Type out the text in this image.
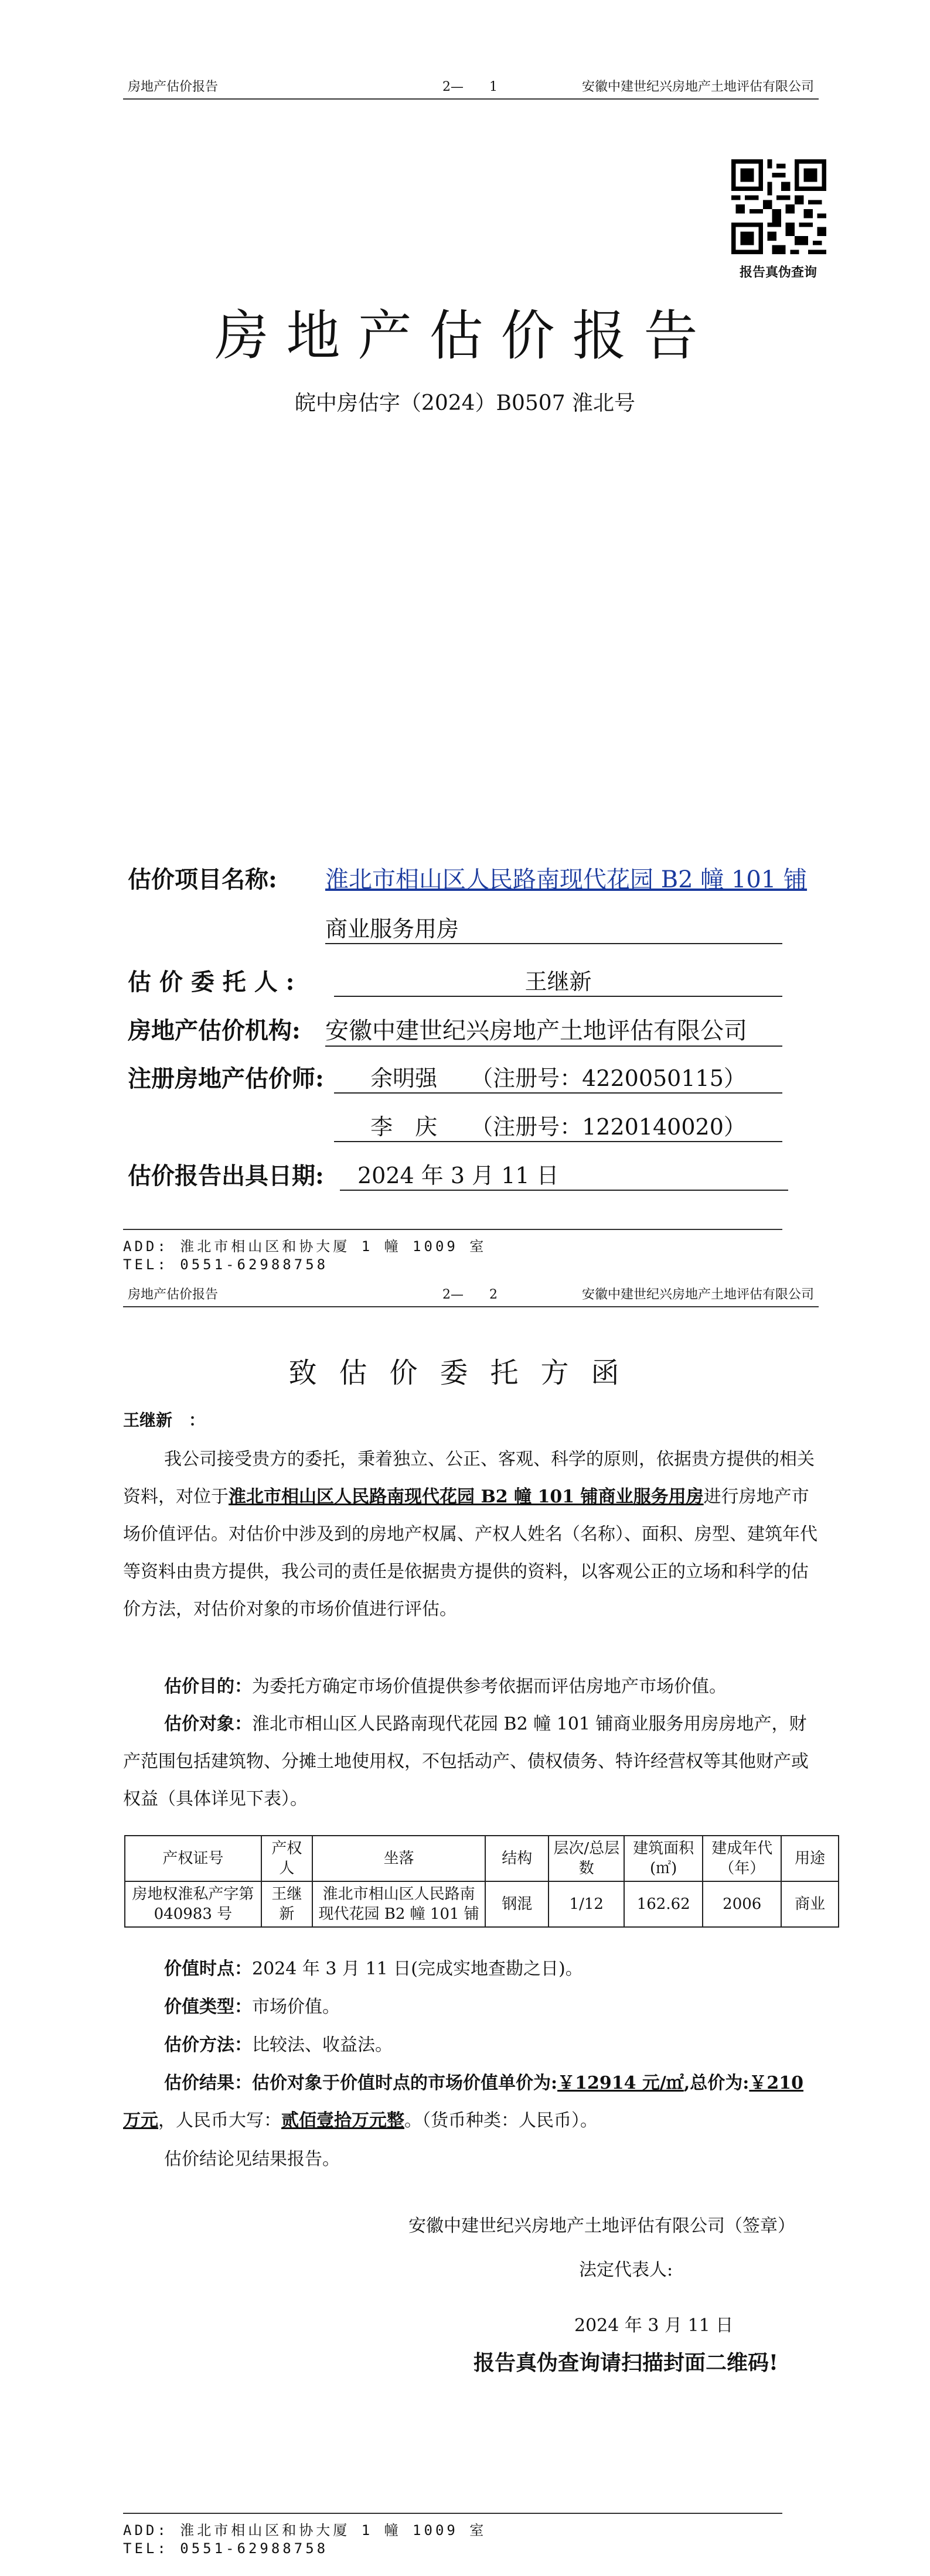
房地产估价报告	2—　　1	安徽中建世纪兴房地产土地评估有限公司
报告真伪查询
房地产估价报告
皖中房估字（2024）B0507 淮北号
估价项目名称: 淮北市相山区人民路南现代花园 B2 幢 101 铺
商业服务用房
估 价 委 托 人 :	王继新
房地产估价机构: 安徽中建世纪兴房地产土地评估有限公司
注册房地产估价师:	余明强　　（注册号：4220050115）
李　庆　　（注册号：1220140020）
估价报告出具日期:	2024 年 3 月 11 日
ADD: 淮北市相山区和协大厦 1 幢 1009 室
TEL: 0551-62988758
房地产估价报告	2—　　2	安徽中建世纪兴房地产土地评估有限公司
致估价委托方函
王继新　：
我公司接受贵方的委托，秉着独立、公正、客观、科学的原则，依据贵方提供的相关资料，对位于淮北市相山区人民路南现代花园 B2 幢 101 铺商业服务用房进行房地产市场价值评估。对估价中涉及到的房地产权属、产权人姓名（名称）、面积、房型、建筑年代等资料由贵方提供，我公司的责任是依据贵方提供的资料，以客观公正的立场和科学的估价方法，对估价对象的市场价值进行评估。
估价目的：为委托方确定市场价值提供参考依据而评估房地产市场价值。
估价对象：淮北市相山区人民路南现代花园 B2 幢 101 铺商业服务用房房地产，财产范围包括建筑物、分摊土地使用权，不包括动产、债权债务、特许经营权等其他财产或权益（具体详见下表）。
产权证号	产权人	坐落	结构	层次/总层数	建筑面积(㎡)	建成年代（年）	用途
房地权淮私产字第 040983 号	王继新	淮北市相山区人民路南现代花园 B2 幢 101 铺	钢混	1/12	162.62	2006	商业
价值时点：2024 年 3 月 11 日(完成实地查勘之日)。
价值类型：市场价值。
估价方法：比较法、收益法。
估价结果：估价对象于价值时点的市场价值单价为:￥12914 元/㎡,总价为:￥210 万元，人民币大写：贰佰壹拾万元整。（货币种类：人民币）。
估价结论见结果报告。
安徽中建世纪兴房地产土地评估有限公司（签章）
法定代表人:
2024 年 3 月 11 日
报告真伪查询请扫描封面二维码!
ADD: 淮北市相山区和协大厦 1 幢 1009 室
TEL: 0551-62988758
